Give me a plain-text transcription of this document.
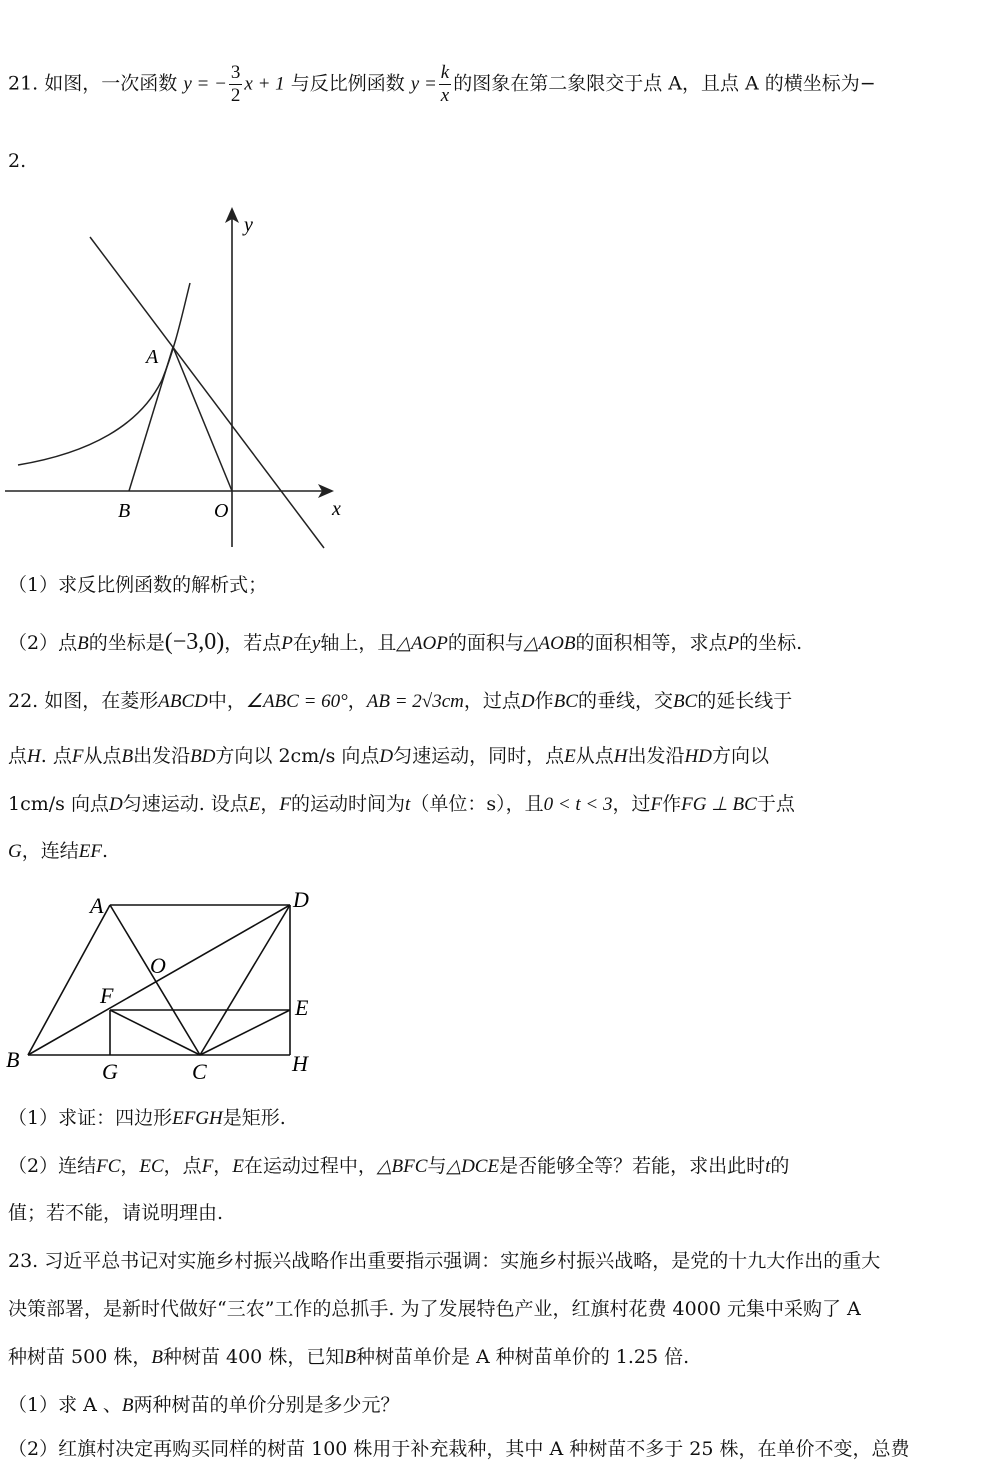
21. 如图，一次函数 y = − $\frac{3}{2}$ x + 1 与反比例函数 $y = \frac{k}{x}$ 的图象在第二象限交于点 A，且点 A 的横坐标为−
2.
y
x
A
B	O
（1）求反比例函数的解析式；
（2）点B的坐标是(−3,0)，若点P在y轴上，且△AOP的面积与△AOB的面积相等，求点P的坐标.
22. 如图，在菱形ABCD中，∠ABC = 60°，AB = 2√3cm，过点D作BC的垂线，交BC的延长线于
点H. 点F从点B出发沿BD方向以 2cm/s 向点D匀速运动，同时，点E从点H出发沿HD方向以
1cm/s 向点D匀速运动. 设点E，F的运动时间为t（单位：s），且0 < t < 3，过F作FG ⊥ BC于点
G，连结EF.
A	D
O
F	E
B	G	C	H
（1）求证：四边形EFGH是矩形.
（2）连结FC，EC，点F，E在运动过程中，△BFC与△DCE是否能够全等？若能，求出此时t的
值；若不能，请说明理由.
23. 习近平总书记对实施乡村振兴战略作出重要指示强调：实施乡村振兴战略，是党的十九大作出的重大
决策部署，是新时代做好“三农”工作的总抓手. 为了发展特色产业，红旗村花费 4000 元集中采购了 A
种树苗 500 株，B种树苗 400 株，已知B种树苗单价是 A 种树苗单价的 1.25 倍.
（1）求 A 、B两种树苗的单价分别是多少元？
（2）红旗村决定再购买同样的树苗 100 株用于补充栽种，其中 A 种树苗不多于 25 株，在单价不变，总费
